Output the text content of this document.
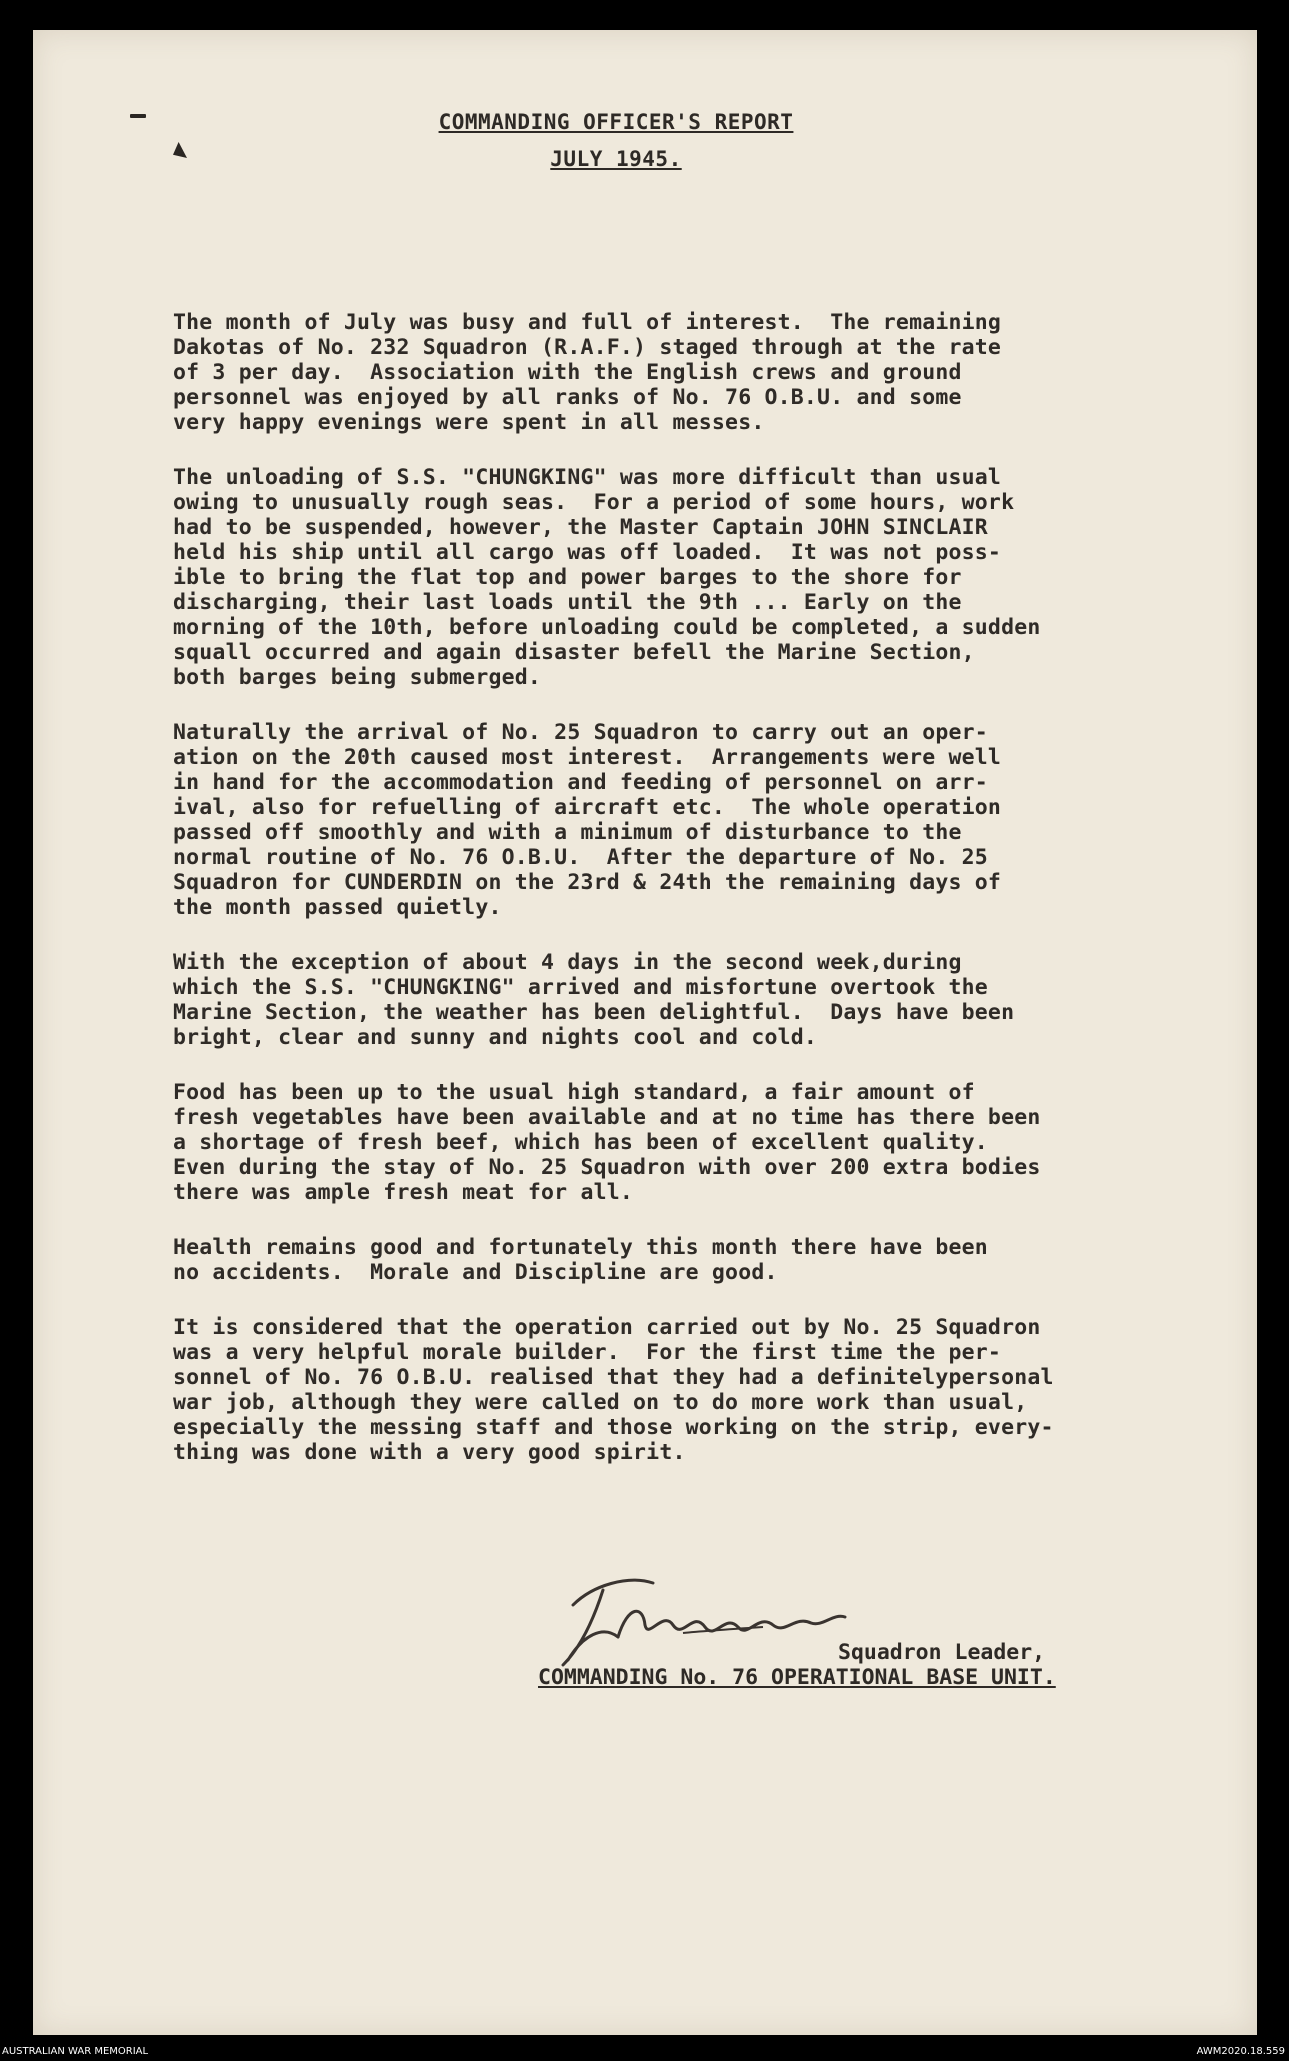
COMMANDING OFFICER'S REPORT
JULY 1945.
The month of July was busy and full of interest.  The remaining
Dakotas of No. 232 Squadron (R.A.F.) staged through at the rate
of 3 per day.  Association with the English crews and ground
personnel was enjoyed by all ranks of No. 76 O.B.U. and some
very happy evenings were spent in all messes.
The unloading of S.S. "CHUNGKING" was more difficult than usual
owing to unusually rough seas.  For a period of some hours, work
had to be suspended, however, the Master Captain JOHN SINCLAIR
held his ship until all cargo was off loaded.  It was not poss-
ible to bring the flat top and power barges to the shore for
discharging, their last loads until the 9th ... Early on the
morning of the 10th, before unloading could be completed, a sudden
squall occurred and again disaster befell the Marine Section,
both barges being submerged.
Naturally the arrival of No. 25 Squadron to carry out an oper-
ation on the 20th caused most interest.  Arrangements were well
in hand for the accommodation and feeding of personnel on arr-
ival, also for refuelling of aircraft etc.  The whole operation
passed off smoothly and with a minimum of disturbance to the
normal routine of No. 76 O.B.U.  After the departure of No. 25
Squadron for CUNDERDIN on the 23rd & 24th the remaining days of
the month passed quietly.
With the exception of about 4 days in the second week,during
which the S.S. "CHUNGKING" arrived and misfortune overtook the
Marine Section, the weather has been delightful.  Days have been
bright, clear and sunny and nights cool and cold.
Food has been up to the usual high standard, a fair amount of
fresh vegetables have been available and at no time has there been
a shortage of fresh beef, which has been of excellent quality.
Even during the stay of No. 25 Squadron with over 200 extra bodies
there was ample fresh meat for all.
Health remains good and fortunately this month there have been
no accidents.  Morale and Discipline are good.
It is considered that the operation carried out by No. 25 Squadron
was a very helpful morale builder.  For the first time the per-
sonnel of No. 76 O.B.U. realised that they had a definitelypersonal
war job, although they were called on to do more work than usual,
especially the messing staff and those working on the strip, every-
thing was done with a very good spirit.
Squadron Leader,
COMMANDING No. 76 OPERATIONAL BASE UNIT.
AUSTRALIAN WAR MEMORIAL	AWM2020.18.559
